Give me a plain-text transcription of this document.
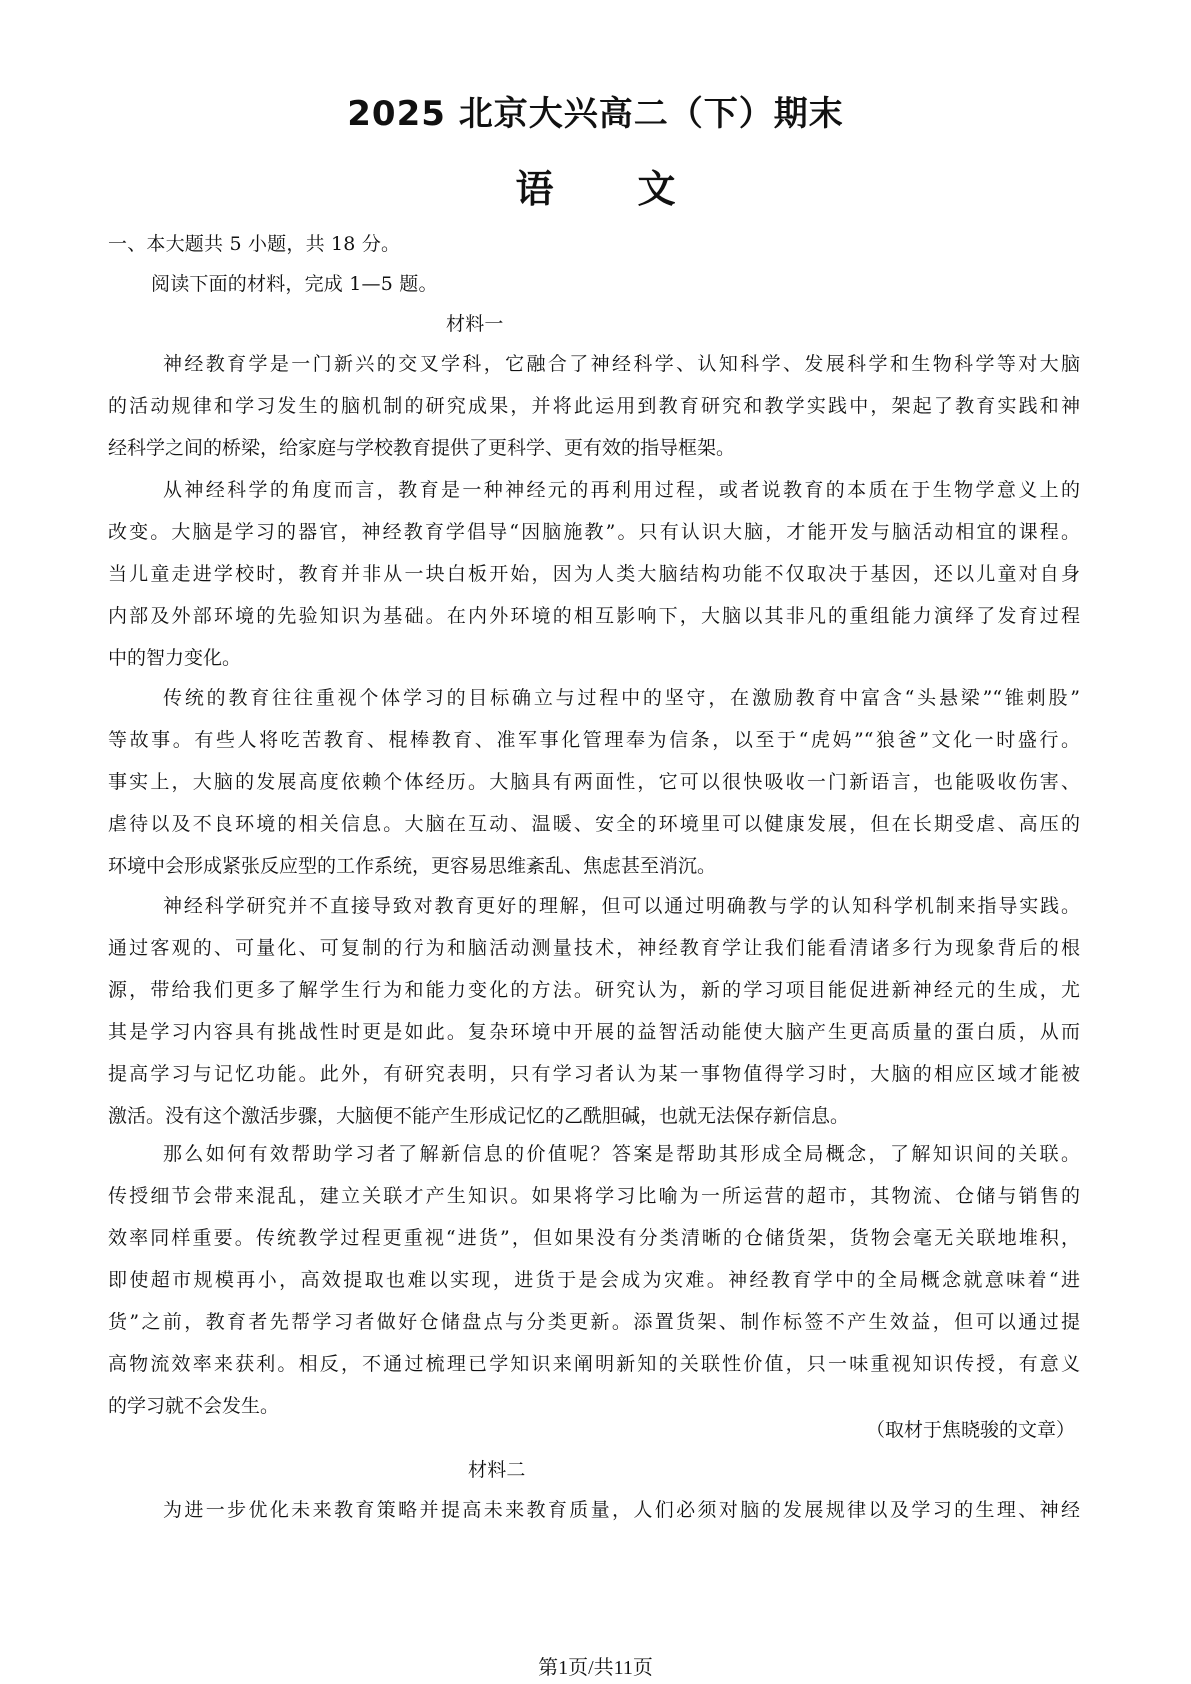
2025 北京大兴高二（下）期末
语 文
一、本大题共 5 小题，共 18 分。
阅读下面的材料，完成 1—5 题。
材料一
神经教育学是一门新兴的交叉学科，它融合了神经科学、认知科学、发展科学和生物科学等对大脑
的活动规律和学习发生的脑机制的研究成果，并将此运用到教育研究和教学实践中，架起了教育实践和神
经科学之间的桥梁，给家庭与学校教育提供了更科学、更有效的指导框架。
从神经科学的角度而言，教育是一种神经元的再利用过程，或者说教育的本质在于生物学意义上的
改变。大脑是学习的器官，神经教育学倡导“因脑施教”。只有认识大脑，才能开发与脑活动相宜的课程。
当儿童走进学校时，教育并非从一块白板开始，因为人类大脑结构功能不仅取决于基因，还以儿童对自身
内部及外部环境的先验知识为基础。在内外环境的相互影响下，大脑以其非凡的重组能力演绎了发育过程
中的智力变化。
传统的教育往往重视个体学习的目标确立与过程中的坚守，在激励教育中富含“头悬梁”“锥刺股”
等故事。有些人将吃苦教育、棍棒教育、准军事化管理奉为信条，以至于“虎妈”“狼爸”文化一时盛行。
事实上，大脑的发展高度依赖个体经历。大脑具有两面性，它可以很快吸收一门新语言，也能吸收伤害、
虐待以及不良环境的相关信息。大脑在互动、温暖、安全的环境里可以健康发展，但在长期受虐、高压的
环境中会形成紧张反应型的工作系统，更容易思维紊乱、焦虑甚至消沉。
神经科学研究并不直接导致对教育更好的理解，但可以通过明确教与学的认知科学机制来指导实践。
通过客观的、可量化、可复制的行为和脑活动测量技术，神经教育学让我们能看清诸多行为现象背后的根
源，带给我们更多了解学生行为和能力变化的方法。研究认为，新的学习项目能促进新神经元的生成，尤
其是学习内容具有挑战性时更是如此。复杂环境中开展的益智活动能使大脑产生更高质量的蛋白质，从而
提高学习与记忆功能。此外，有研究表明，只有学习者认为某一事物值得学习时，大脑的相应区域才能被
激活。没有这个激活步骤，大脑便不能产生形成记忆的乙酰胆碱，也就无法保存新信息。
那么如何有效帮助学习者了解新信息的价值呢？答案是帮助其形成全局概念，了解知识间的关联。
传授细节会带来混乱，建立关联才产生知识。如果将学习比喻为一所运营的超市，其物流、仓储与销售的
效率同样重要。传统教学过程更重视“进货”，但如果没有分类清晰的仓储货架，货物会毫无关联地堆积，
即使超市规模再小，高效提取也难以实现，进货于是会成为灾难。神经教育学中的全局概念就意味着“进
货”之前，教育者先帮学习者做好仓储盘点与分类更新。添置货架、制作标签不产生效益，但可以通过提
高物流效率来获利。相反，不通过梳理已学知识来阐明新知的关联性价值，只一味重视知识传授，有意义
的学习就不会发生。
（取材于焦晓骏的文章）
材料二
为进一步优化未来教育策略并提高未来教育质量，人们必须对脑的发展规律以及学习的生理、神经
第1页/共11页
